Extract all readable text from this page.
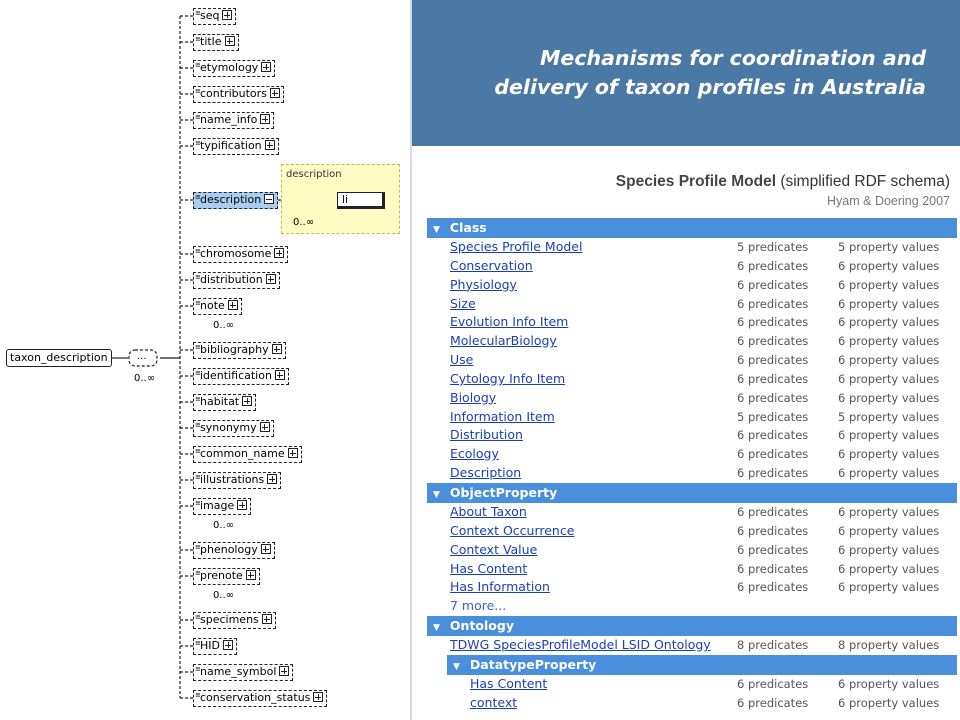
···
description
li
0..∞
taxon_description
0..∞
≡ seq
≡ title
≡ etymology
≡ contributors
≡ name_info
≡ typification
≡ description
≡ chromosome
≡ distribution
≡ note
0..∞
≡ bibliography
≡ identification
≡ habitat
≡ synonymy
≡ common_name
≡ illustrations
≡ image
0..∞
≡ phenology
≡ prenote
0..∞
≡ specimens
≡ HID
≡ name_symbol
≡ conservation_status
Mechanisms for coordination and
delivery of taxon profiles in Australia
Species Profile Model (simplified RDF schema)
Hyam & Doering 2007
▼ Class
Species Profile Model	5 predicates	5 property values
Conservation	6 predicates	6 property values
Physiology	6 predicates	6 property values
Size	6 predicates	6 property values
Evolution Info Item	6 predicates	6 property values
MolecularBiology	6 predicates	6 property values
Use	6 predicates	6 property values
Cytology Info Item	6 predicates	6 property values
Biology	6 predicates	6 property values
Information Item	5 predicates	5 property values
Distribution	6 predicates	6 property values
Ecology	6 predicates	6 property values
Description	6 predicates	6 property values
▼ ObjectProperty
About Taxon	6 predicates	6 property values
Context Occurrence	6 predicates	6 property values
Context Value	6 predicates	6 property values
Has Content	6 predicates	6 property values
Has Information	6 predicates	6 property values
7 more...
▼ Ontology
TDWG SpeciesProfileModel LSID Ontology 8 predicates	8 property values
▼ DatatypeProperty
Has Content	6 predicates	6 property values
context	6 predicates	6 property values
